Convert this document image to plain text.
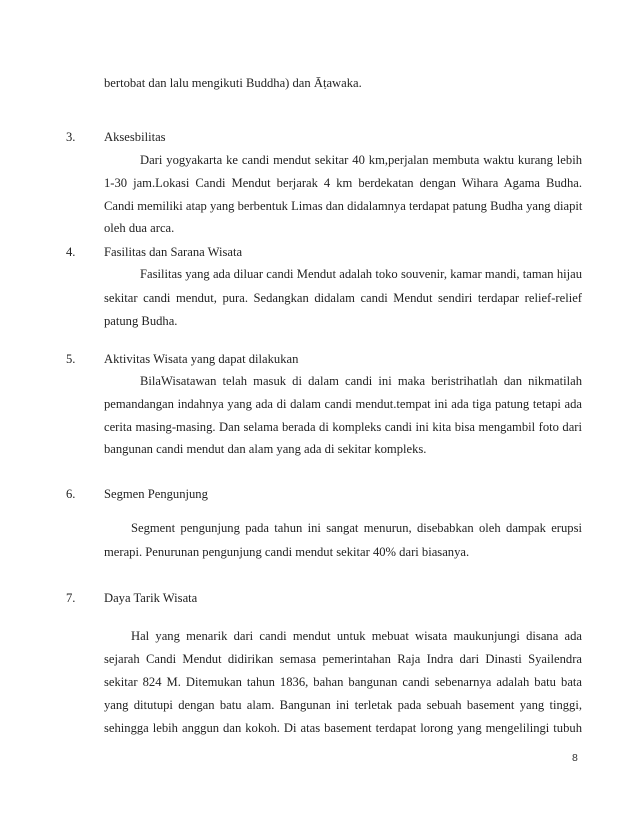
bertobat dan lalu mengikuti Buddha) dan Āṭawaka.
3. Aksesbilitas
Dari yogyakarta ke candi mendut sekitar 40 km,perjalan membuta waktu kurang lebih
1-30 jam.Lokasi Candi Mendut berjarak 4 km berdekatan dengan Wihara Agama Budha.
Candi memiliki atap yang berbentuk Limas dan didalamnya terdapat patung Budha yang diapit
oleh dua arca.
4. Fasilitas dan Sarana Wisata
Fasilitas yang ada diluar candi Mendut adalah toko souvenir, kamar mandi, taman hijau
sekitar candi mendut, pura. Sedangkan didalam candi Mendut sendiri terdapar relief-relief
patung Budha.
5. Aktivitas Wisata yang dapat dilakukan
BilaWisatawan telah masuk di dalam candi ini maka beristrihatlah dan nikmatilah
pemandangan indahnya yang ada di dalam candi mendut.tempat ini ada tiga patung tetapi ada
cerita masing-masing. Dan selama berada di kompleks candi ini kita bisa mengambil foto dari
bangunan candi mendut dan alam yang ada di sekitar kompleks.
6. Segmen Pengunjung
Segment pengunjung pada tahun ini sangat menurun, disebabkan oleh dampak erupsi
merapi. Penurunan pengunjung candi mendut sekitar 40% dari biasanya.
7. Daya Tarik Wisata
Hal yang menarik dari candi mendut untuk mebuat wisata maukunjungi disana ada
sejarah Candi Mendut didirikan semasa pemerintahan Raja Indra dari Dinasti Syailendra
sekitar 824 M. Ditemukan tahun 1836, bahan bangunan candi sebenarnya adalah batu bata
yang ditutupi dengan batu alam. Bangunan ini terletak pada sebuah basement yang tinggi,
sehingga lebih anggun dan kokoh. Di atas basement terdapat lorong yang mengelilingi tubuh
8
